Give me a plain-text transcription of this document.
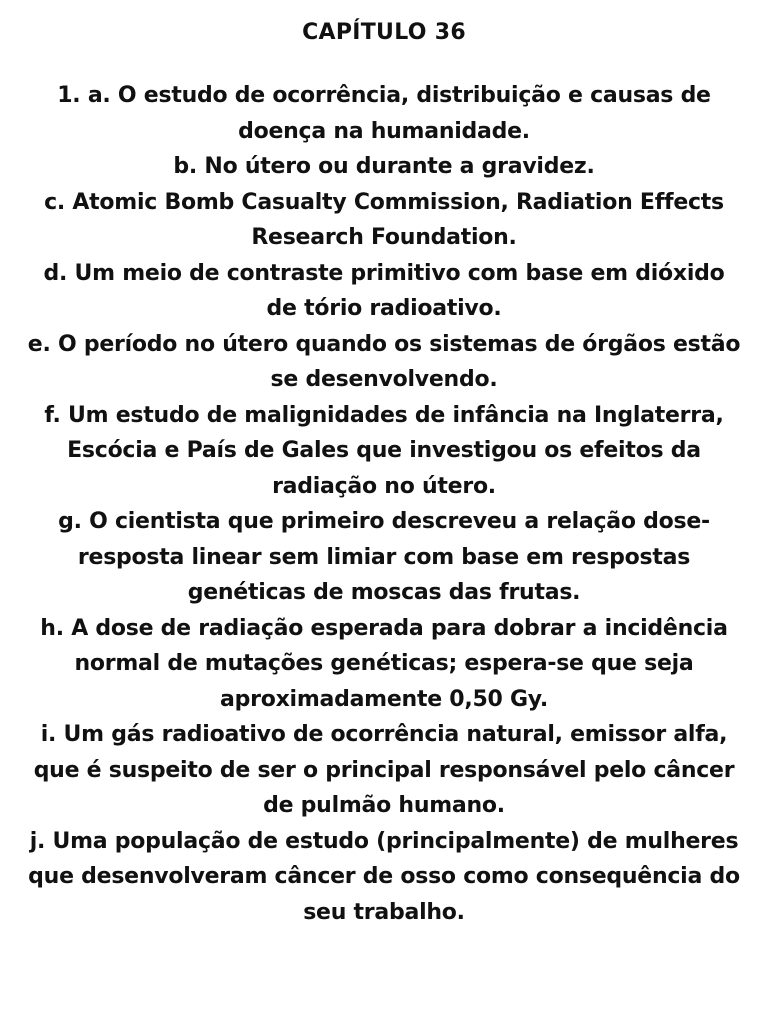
CAPÍTULO 36

1. a. O estudo de ocorrência, distribuição e causas de doença na humanidade.

b. No útero ou durante a gravidez.

c. Atomic Bomb Casualty Commission, Radiation Effects Research Foundation.

d. Um meio de contraste primitivo com base em dióxido de tório radioativo.

e. O período no útero quando os sistemas de órgãos estão se desenvolvendo.

f. Um estudo de malignidades de infância na Inglaterra, Escócia e País de Gales que investigou os efeitos da radiação no útero.

g. O cientista que primeiro descreveu a relação dose-resposta linear sem limiar com base em respostas genéticas de moscas das frutas.

h. A dose de radiação esperada para dobrar a incidência normal de mutações genéticas; espera-se que seja aproximadamente 0,50 Gy.

i. Um gás radioativo de ocorrência natural, emissor alfa, que é suspeito de ser o principal responsável pelo câncer de pulmão humano.

j. Uma população de estudo (principalmente) de mulheres que desenvolveram câncer de osso como consequência do seu trabalho.
